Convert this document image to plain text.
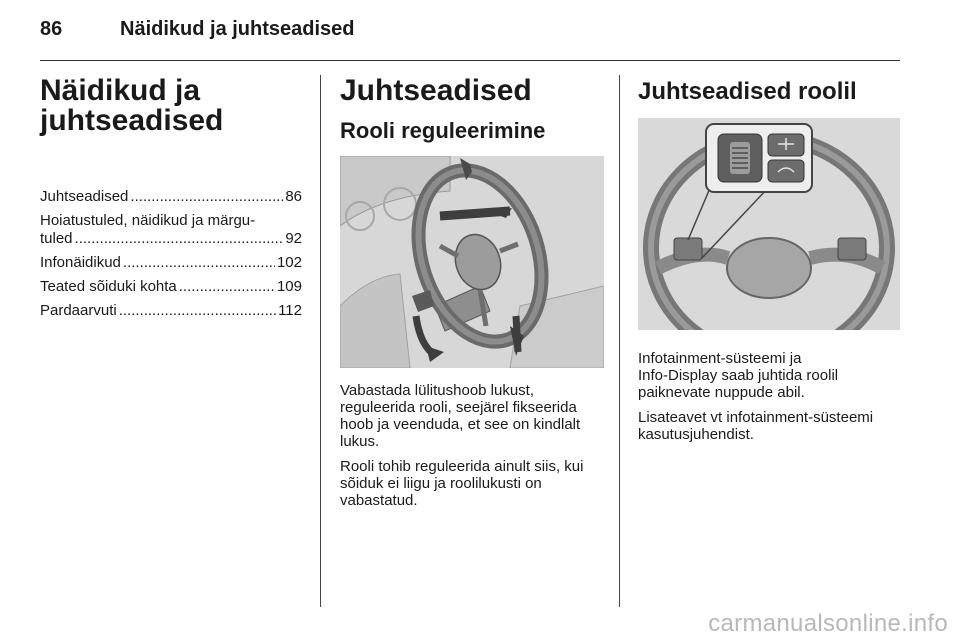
86	Näidikud ja juhtseadised
Näidikud ja
juhtseadised
Juhtseadised .....	86
Hoiatustuled, näidikud ja märgu-
tuled .....	92
Infonäidikud .....	102
Teated sõiduki kohta .....	109
Pardaarvuti .....	112
Juhtseadised
Rooli reguleerimine
Vabastada lülitushoob lukust,
reguleerida rooli, seejärel fikseerida
hoob ja veenduda, et see on kindlalt
lukus.
Rooli tohib reguleerida ainult siis, kui
sõiduk ei liigu ja roolilukusti on
vabastatud.
Juhtseadised roolil
Infotainment-süsteemi ja
Info-Display saab juhtida roolil
paiknevate nuppude abil.
Lisateavet vt infotainment-süsteemi
kasutusjuhendist.
carmanualsonline.info
